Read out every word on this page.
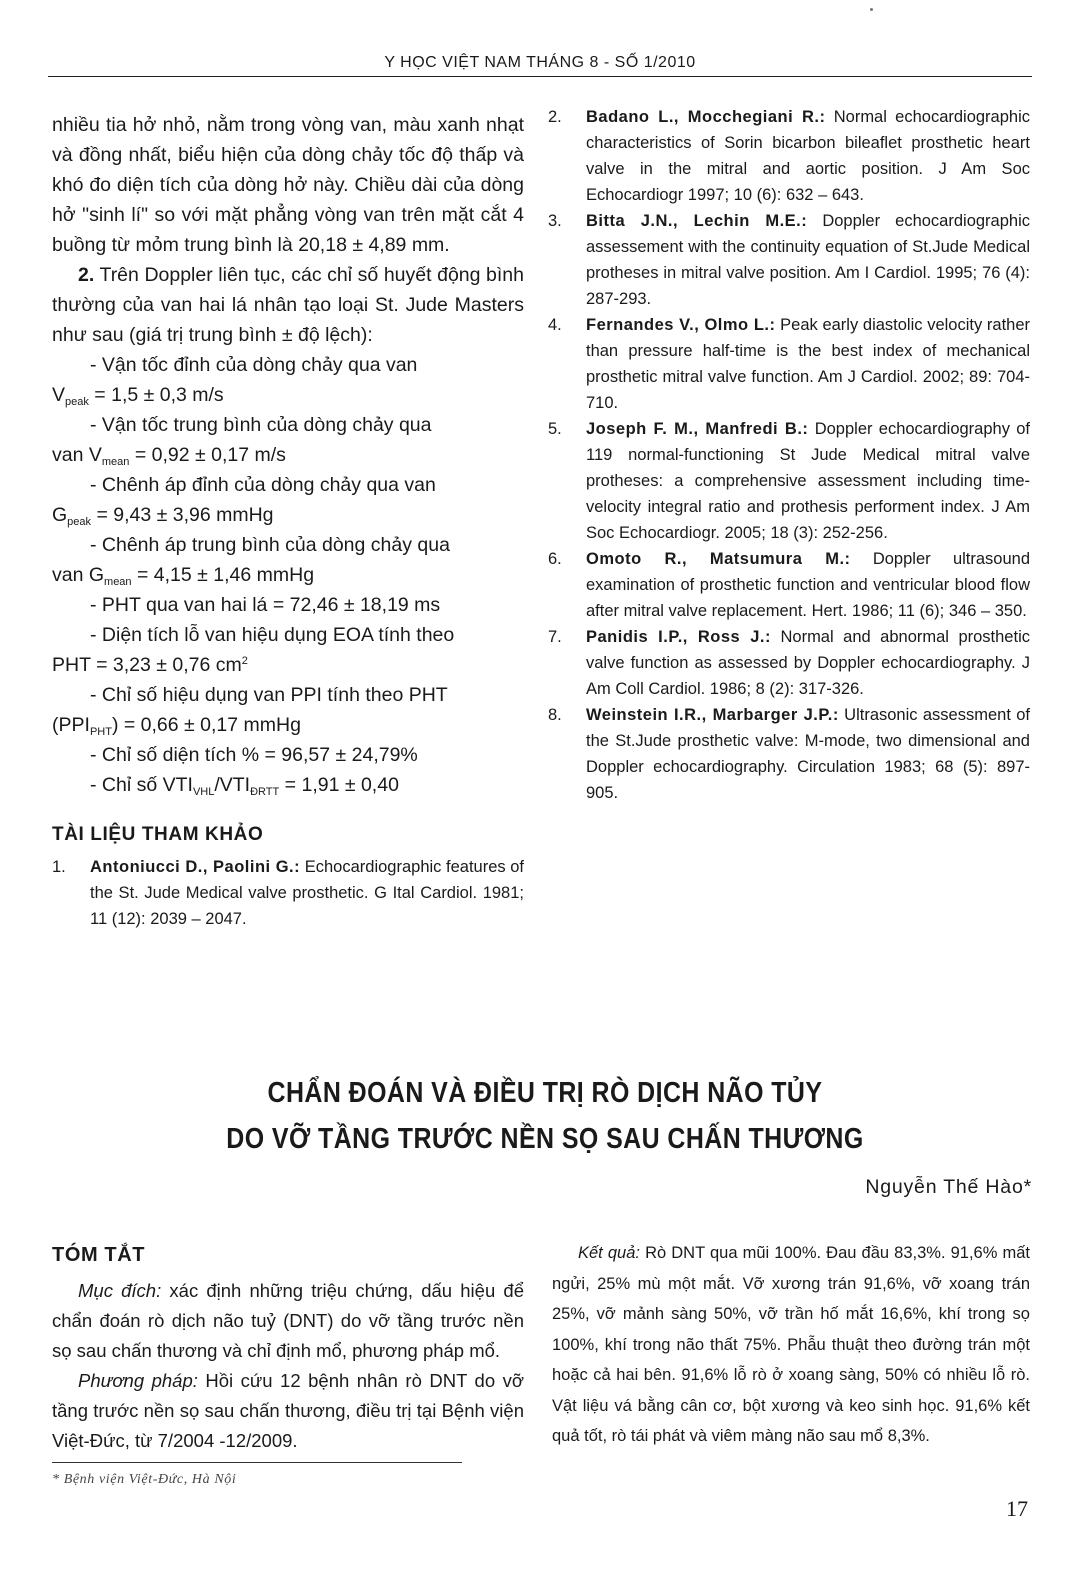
Y HỌC VIỆT NAM THÁNG 8 - SỐ 1/2010

nhiều tia hở nhỏ, nằm trong vòng van, màu xanh nhạt và đồng nhất, biểu hiện của dòng chảy tốc độ thấp và khó đo diện tích của dòng hở này. Chiều dài của dòng hở "sinh lí" so với mặt phẳng vòng van trên mặt cắt 4 buồng từ mỏm trung bình là 20,18 ± 4,89 mm.

2. Trên Doppler liên tục, các chỉ số huyết động bình thường của van hai lá nhân tạo loại St. Jude Masters như sau (giá trị trung bình ± độ lệch):

- Vận tốc đỉnh của dòng chảy qua van

$V_{peak} = 1,5 \pm 0,3$ m/s

- Vận tốc trung bình của dòng chảy qua

van $V_{mean} = 0,92 \pm 0,17$ m/s

- Chênh áp đỉnh của dòng chảy qua van

$G_{peak} = 9,43 \pm 3,96$ mmHg

- Chênh áp trung bình của dòng chảy qua

van $G_{mean} = 4,15 \pm 1,46$ mmHg

- PHT qua van hai lá = 72,46 ± 18,19 ms

- Diện tích lỗ van hiệu dụng EOA tính theo

PHT = 3,23 ± 0,76 $cm^2$

- Chỉ số hiệu dụng van PPI tính theo PHT

$(PPI_{PHT}) = 0,66 \pm 0,17$ mmHg

- Chỉ số diện tích % = 96,57 ± 24,79%

- Chỉ số $VTI_{VHL}/VTI_{ĐRTT} = 1,91 \pm 0,40$

TÀI LIỆU THAM KHẢO
1.	Antoniucci D., Paolini G.: Echocardiographic features of the St. Jude Medical valve prosthetic. G Ital Cardiol. 1981; 11 (12): 2039 – 2047.
2.	Badano L., Mocchegiani R.: Normal echocardiographic characteristics of Sorin bicarbon bileaflet prosthetic heart valve in the mitral and aortic position. J Am Soc Echocardiogr 1997; 10 (6): 632 – 643.
3.	Bitta J.N., Lechin M.E.: Doppler echocardiographic assessement with the continuity equation of St.Jude Medical protheses in mitral valve position. Am I Cardiol. 1995; 76 (4): 287-293.
4.	Fernandes V., Olmo L.: Peak early diastolic velocity rather than pressure half-time is the best index of mechanical prosthetic mitral valve function. Am J Cardiol. 2002; 89: 704-710.
5.	Joseph F. M., Manfredi B.: Doppler echocardiography of 119 normal-functioning St Jude Medical mitral valve protheses: a comprehensive assessment including time-velocity integral ratio and prothesis performent index. J Am Soc Echocardiogr. 2005; 18 (3): 252-256.
6.	Omoto R., Matsumura M.: Doppler ultrasound examination of prosthetic function and ventricular blood flow after mitral valve replacement. Hert. 1986; 11 (6); 346 – 350.
7.	Panidis I.P., Ross J.: Normal and abnormal prosthetic valve function as assessed by Doppler echocardiography. J Am Coll Cardiol. 1986; 8 (2): 317-326.
8.	Weinstein I.R., Marbarger J.P.: Ultrasonic assessment of the St.Jude prosthetic valve: M-mode, two dimensional and Doppler echocardiography. Circulation 1983; 68 (5): 897-905.
CHẨN ĐOÁN VÀ ĐIỀU TRỊ RÒ DỊCH NÃO TỦY
DO VỠ TẦNG TRƯỚC NỀN SỌ SAU CHẤN THƯƠNG
Nguyễn Thế Hào*
TÓM TẮT

Mục đích: xác định những triệu chứng, dấu hiệu để chẩn đoán rò dịch não tuỷ (DNT) do vỡ tầng trước nền sọ sau chấn thương và chỉ định mổ, phương pháp mổ.

Phương pháp: Hồi cứu 12 bệnh nhân rò DNT do vỡ tầng trước nền sọ sau chấn thương, điều trị tại Bệnh viện Việt-Đức, từ 7/2004 -12/2009.

Kết quả: Rò DNT qua mũi 100%. Đau đầu 83,3%. 91,6% mất ngửi, 25% mù một mắt. Vỡ xương trán 91,6%, vỡ xoang trán 25%, vỡ mảnh sàng 50%, vỡ trần hố mắt 16,6%, khí trong sọ 100%, khí trong não thất 75%. Phẫu thuật theo đường trán một hoặc cả hai bên. 91,6% lỗ rò ở xoang sàng, 50% có nhiều lỗ rò. Vật liệu vá bằng cân cơ, bột xương và keo sinh học. 91,6% kết quả tốt, rò tái phát và viêm màng não sau mổ 8,3%.

* Bệnh viện Việt-Đức, Hà Nội
17
